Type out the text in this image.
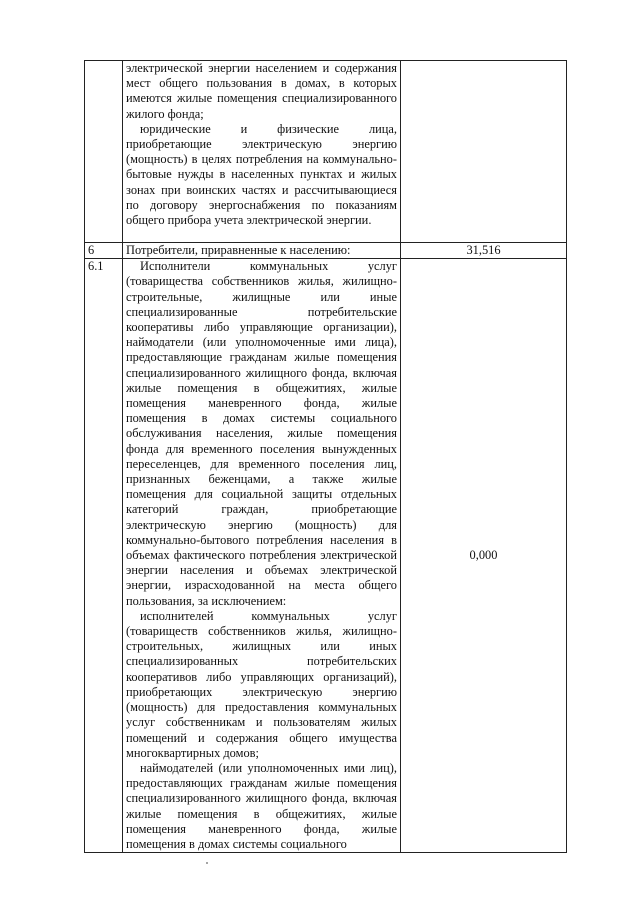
	электрической энергии населением и содержания мест общего пользования в домах, в которых имеются жилые помещения специализированного жилого фонда;
юридические и физические лица, приобретающие электрическую энергию (мощность) в целях потребления на коммунально-бытовые нужды в населенных пунктах и жилых зонах при воинских частях и рассчитывающиеся по договору энергоснабжения по показаниям общего прибора учета электрической энергии.	

6	Потребители, приравненные к населению:	31,516
6.1	Исполнители коммунальных услуг (товарищества собственников жилья, жилищно-строительные, жилищные или иные специализированные потребительские кооперативы либо управляющие организации), наймодатели (или уполномоченные ими лица), предоставляющие гражданам жилые помещения специализированного жилищного фонда, включая жилые помещения в общежитиях, жилые помещения маневренного фонда, жилые помещения в домах системы социального обслуживания населения, жилые помещения фонда для временного поселения вынужденных переселенцев, для временного поселения лиц, признанных беженцами, а также жилые помещения для социальной защиты отдельных категорий граждан, приобретающие электрическую энергию (мощность) для коммунально-бытового потребления населения в объемах фактического потребления электрической энергии населения и объемах электрической энергии, израсходованной на места общего пользования, за исключением:
исполнителей коммунальных услуг (товариществ собственников жилья, жилищно-строительных, жилищных или иных специализированных потребительских кооперативов либо управляющих организаций), приобретающих электрическую энергию (мощность) для предоставления коммунальных услуг собственникам и пользователям жилых помещений и содержания общего имущества многоквартирных домов;
наймодателей (или уполномоченных ими лиц), предоставляющих гражданам жилые помещения специализированного жилищного фонда, включая жилые помещения в общежитиях, жилые помещения маневренного фонда, жилые помещения в домах системы социального	0,000
